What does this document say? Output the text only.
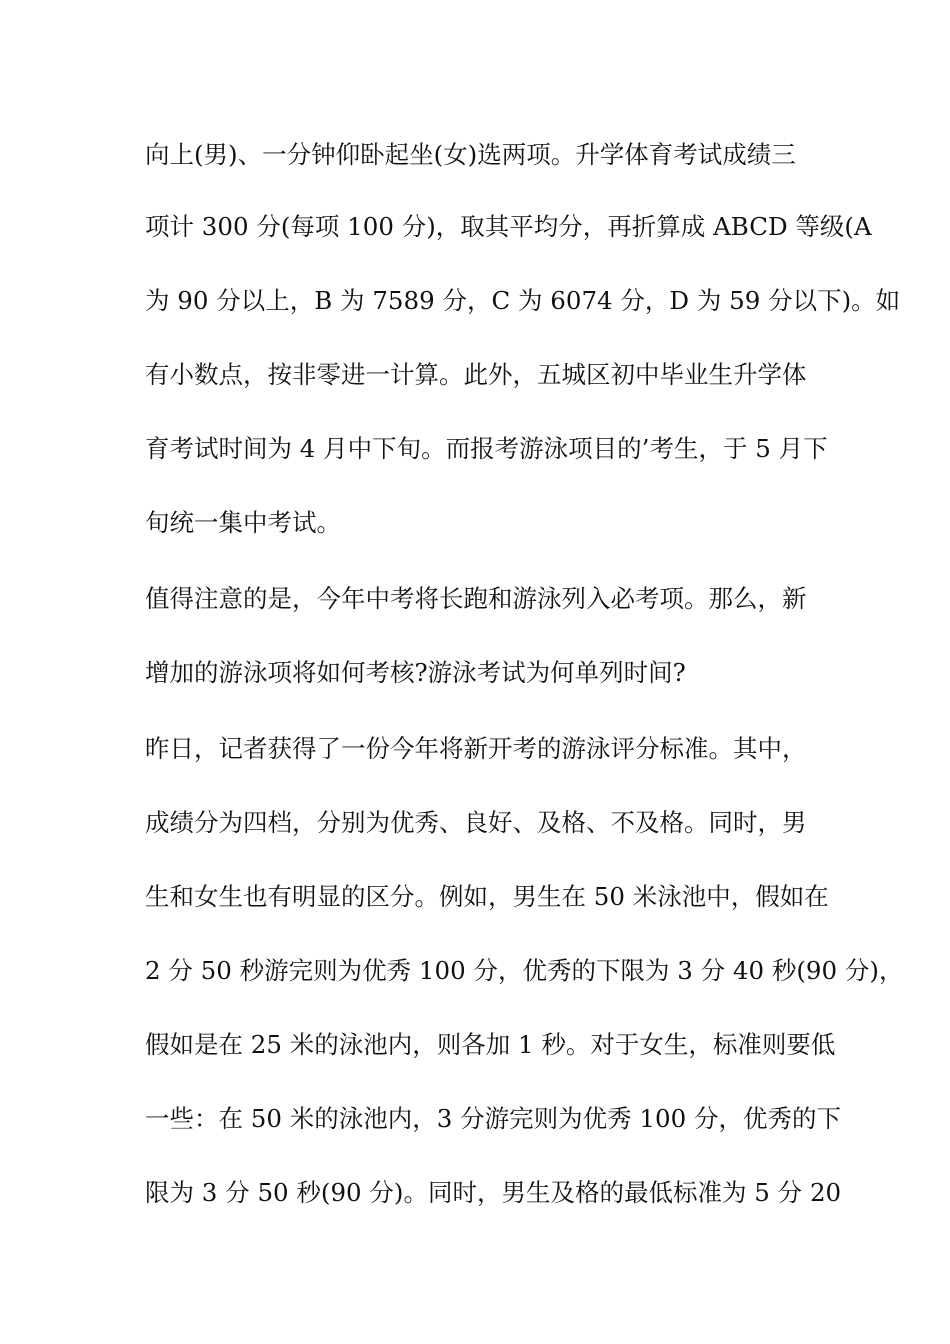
向上(男)、一分钟仰卧起坐(女)选两项。升学体育考试成绩三
项计 300 分(每项 100 分)，取其平均分，再折算成 ABCD 等级(A
为 90 分以上，B 为 7589 分，C 为 6074 分，D 为 59 分以下)。如
有小数点，按非零进一计算。此外，五城区初中毕业生升学体
育考试时间为 4 月中下旬。而报考游泳项目的’考生，于 5 月下
旬统一集中考试。
值得注意的是，今年中考将长跑和游泳列入必考项。那么，新
增加的游泳项将如何考核?游泳考试为何单列时间?
昨日，记者获得了一份今年将新开考的游泳评分标准。其中，
成绩分为四档，分别为优秀、良好、及格、不及格。同时，男
生和女生也有明显的区分。例如，男生在 50 米泳池中，假如在
2 分 50 秒游完则为优秀 100 分，优秀的下限为 3 分 40 秒(90 分)，
假如是在 25 米的泳池内，则各加 1 秒。对于女生，标准则要低
一些：在 50 米的泳池内，3 分游完则为优秀 100 分，优秀的下
限为 3 分 50 秒(90 分)。同时，男生及格的最低标准为 5 分 20
